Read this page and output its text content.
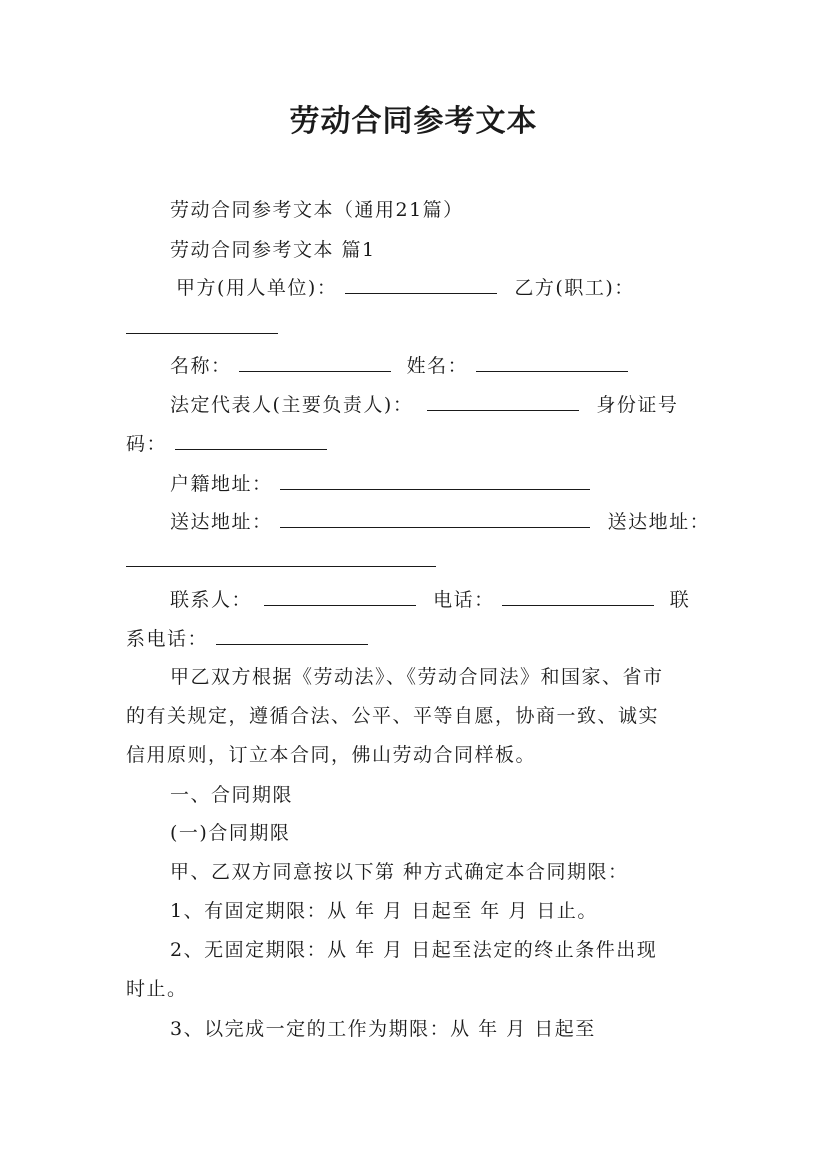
劳动合同参考文本
劳动合同参考文本（通用21篇）
劳动合同参考文本 篇1
甲方(用人单位)：	乙方(职工)：
名称：	姓名：
法定代表人(主要负责人)：	身份证号
码：
户籍地址：
送达地址：	送达地址：
联系人：	电话：	联
系电话：
甲乙双方根据《劳动法》、《劳动合同法》和国家、省市
的有关规定，遵循合法、公平、平等自愿，协商一致、诚实
信用原则，订立本合同，佛山劳动合同样板。
一、合同期限
(一)合同期限
甲、乙双方同意按以下第 种方式确定本合同期限：
1、有固定期限：从 年 月 日起至 年 月 日止。
2、无固定期限：从 年 月 日起至法定的终止条件出现
时止。
3、以完成一定的工作为期限：从 年 月 日起至
